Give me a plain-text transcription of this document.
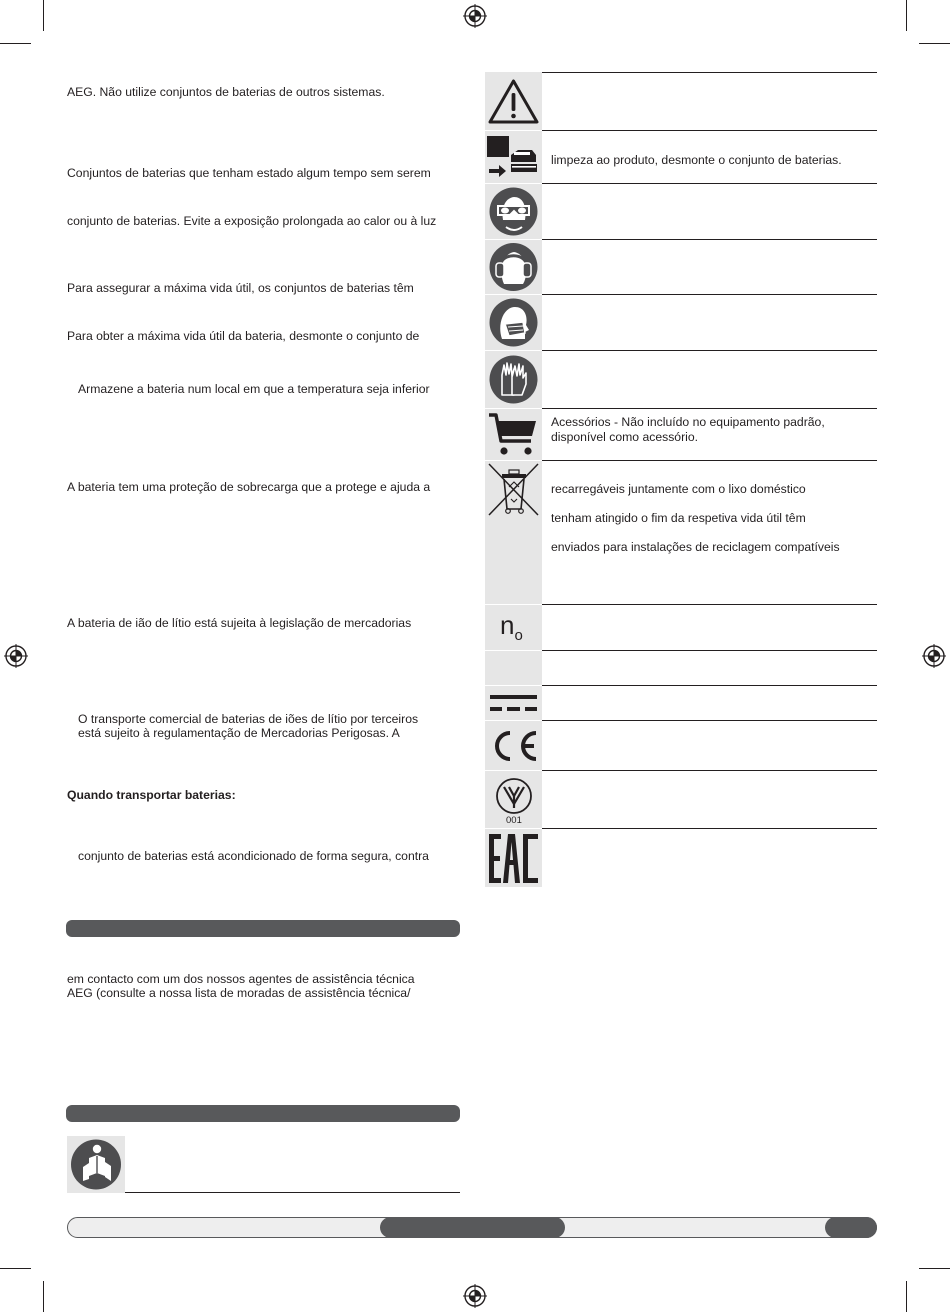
AEG. Não utilize conjuntos de baterias de outros sistemas.
Conjuntos de baterias que tenham estado algum tempo sem serem
conjunto de baterias. Evite a exposição prolongada ao calor ou à luz
Para assegurar a máxima vida útil, os conjuntos de baterias têm
Para obter a máxima vida útil da bateria, desmonte o conjunto de
Armazene a bateria num local em que a temperatura seja inferior
A bateria tem uma proteção de sobrecarga que a protege e ajuda a
A bateria de ião de lítio está sujeita à legislação de mercadorias
O transporte comercial de baterias de iões de lítio por terceiros
está sujeito à regulamentação de Mercadorias Perigosas. A
Quando transportar baterias:
conjunto de baterias está acondicionado de forma segura, contra
em contacto com um dos nossos agentes de assistência técnica
AEG (consulte a nossa lista de moradas de assistência técnica/
limpeza ao produto, desmonte o conjunto de baterias.
Acessórios - Não incluído no equipamento padrão,
disponível como acessório.
recarregáveis juntamente com o lixo doméstico
tenham atingido o fim da respetiva vida útil têm
enviados para instalações de reciclagem compatíveis
$n_o$
001
